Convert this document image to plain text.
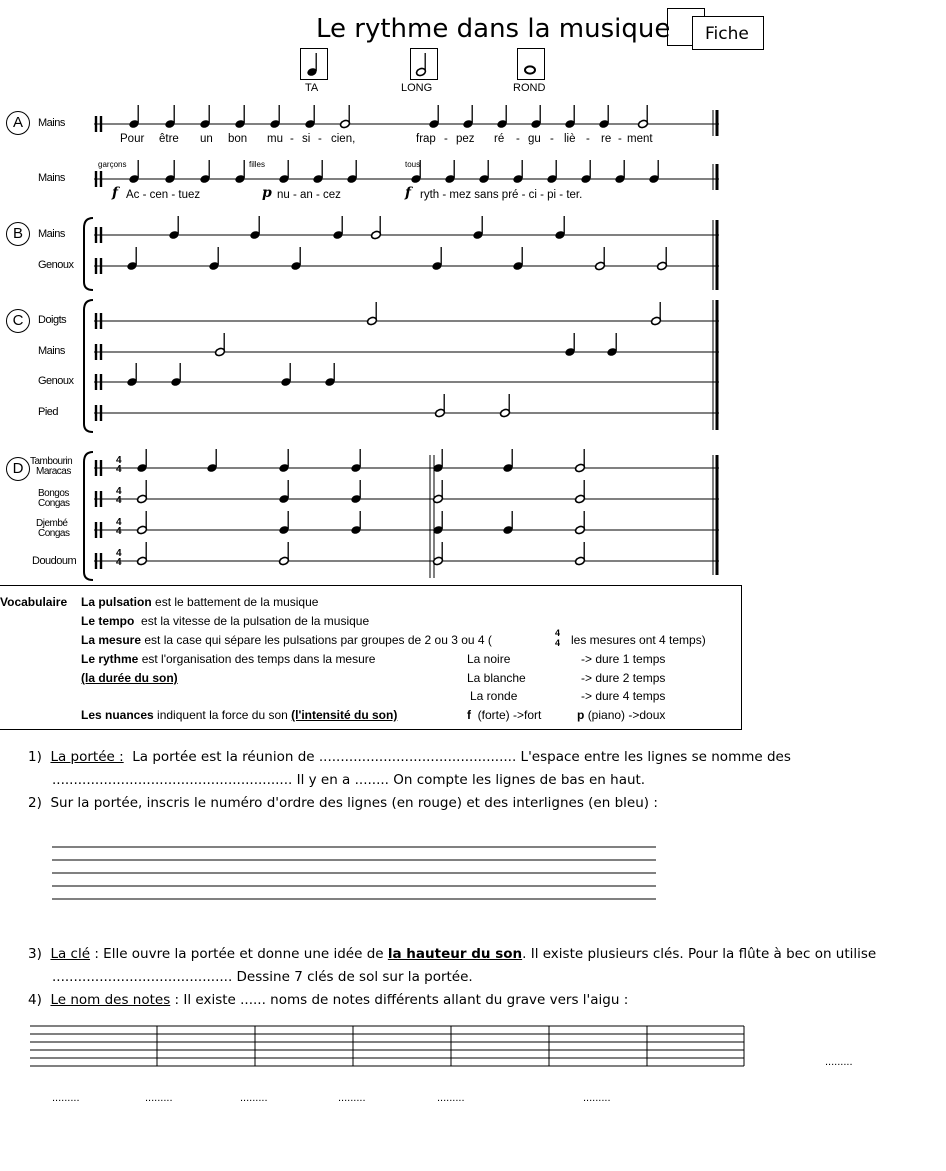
Le rythme dans la musique	Fiche
TA	LONG	ROND
A
B
C
D
Mains
Mains
Mains
Genoux
Doigts
Mains
Genoux
Pied
Tambourin
Maracas
Bongos
Congas
Djembé
Congas
Doudoum
Pour être un bon mu - si - cien,	frap - pez ré - gu - liè - re - ment
garçons	filles	tous
f Ac - cen - tuez	p nu - an - cez	f ryth - mez sans pré - ci - pi - ter.
4
4
4
4
4
4
4
4
Vocabulaire La pulsation est le battement de la musique
Le tempo est la vitesse de la pulsation de la musique
La mesure est la case qui sépare les pulsations par groupes de 2 ou 3 ou 4 (	4
4 les mesures ont 4 temps)
Le rythme est l'organisation des temps dans la mesure
(la durée du son)
La noire	-> dure 1 temps
La blanche	-> dure 2 temps
La ronde	-> dure 4 temps
Les nuances indiquent la force du son (l'intensité du son)	f (forte) ->fort	p (piano) ->doux
1) La portée : La portée est la réunion de .............................................. L'espace entre les lignes se nomme des
........................................................ Il y en a ........ On compte les lignes de bas en haut.
2) Sur la portée, inscris le numéro d'ordre des lignes (en rouge) et des interlignes (en bleu) :
3) La clé : Elle ouvre la portée et donne une idée de la hauteur du son. Il existe plusieurs clés. Pour la flûte à bec on utilise
.......................................... Dessine 7 clés de sol sur la portée.
4) Le nom des notes : Il existe ...... noms de notes différents allant du grave vers l'aigu :
.........
.........	.........	.........	.........	.........	.........
